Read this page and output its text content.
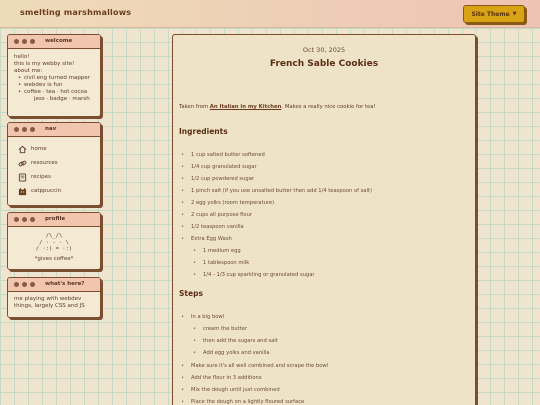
smelting marshmallows	Site Theme ▼
welcome
hello!
this is my webby site!
about me:
• civil eng turned mapper
• webdev is fun
• coffee · tea · hot cocoa
jess · badge · marsh
nav
home
resources
recipes
catppuccin
profile
/\_/\
/ · - · \
/ ·:) = ·:)
*gives coffee*
what's here?
me playing with webdev things, largely CSS and JS
Oct 30, 2025
French Sable Cookies
Taken from An Italian in my Kitchen. Makes a really nice cookie for tea!
Ingredients
• 1 cup salted butter softened
• 1/4 cup granulated sugar
• 1/2 cup powdered sugar
• 1 pinch salt (if you use unsalted butter then add 1/4 teaspoon of salt)
• 2 egg yolks (room temperature)
• 2 cups all purpose flour
• 1/2 teaspoon vanilla
• Extra Egg Wash
• 1 medium egg
• 1 tablespoon milk
• 1/4 - 1/3 cup sparkling or granulated sugar
Steps
• In a big bowl
• cream the butter
• then add the sugars and salt
• Add egg yolks and vanilla
• Make sure it's all well combined and scrape the bowl
• Add the flour in 3 additions
• Mix the dough until just combined
• Place the dough on a lightly floured surface
